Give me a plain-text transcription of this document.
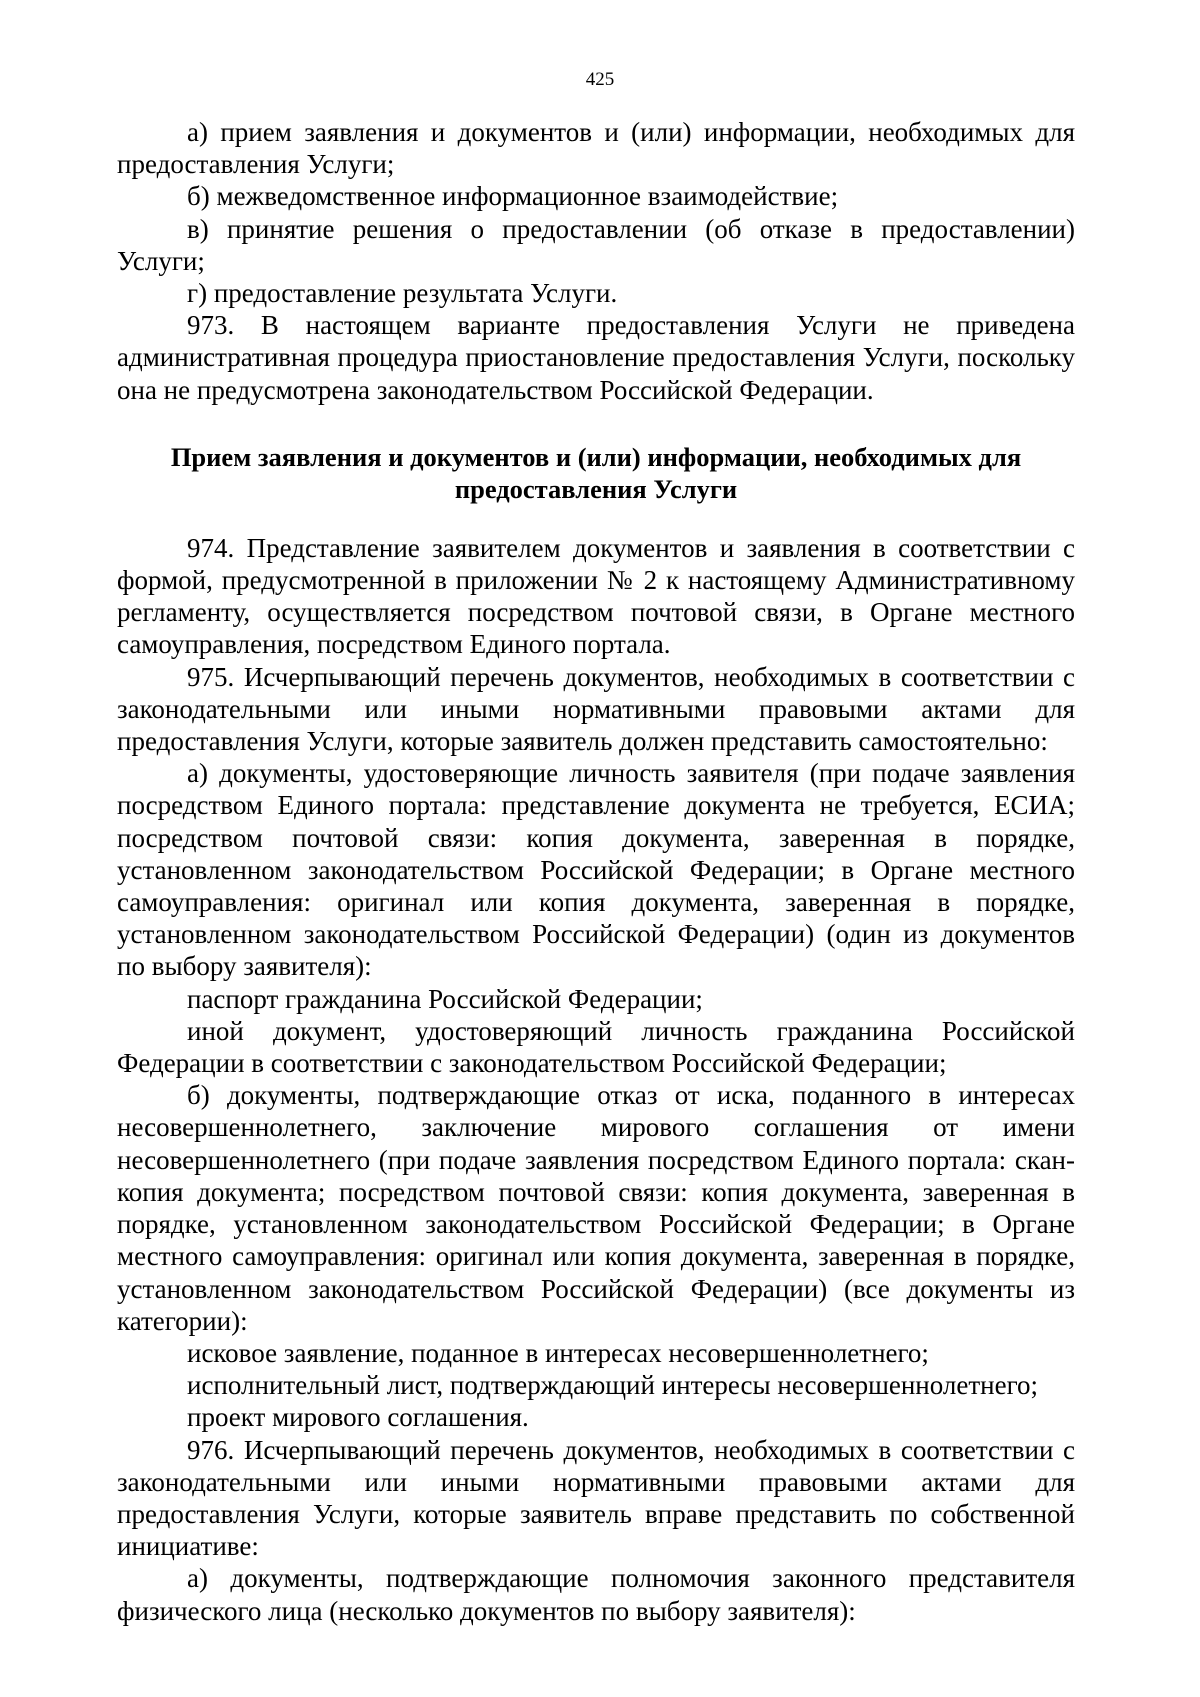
425

а) прием заявления и документов и (или) информации, необходимых для предоставления Услуги;

б) межведомственное информационное взаимодействие;

в) принятие решения о предоставлении (об отказе в предоставлении) Услуги;

г) предоставление результата Услуги.

973. В настоящем варианте предоставления Услуги не приведена административная процедура приостановление предоставления Услуги, поскольку она не предусмотрена законодательством Российской Федерации.

Прием заявления и документов и (или) информации, необходимых для
предоставления Услуги

974. Представление заявителем документов и заявления в соответствии с формой, предусмотренной в приложении № 2 к настоящему Административному регламенту, осуществляется посредством почтовой связи, в Органе местного самоуправления, посредством Единого портала.

975. Исчерпывающий перечень документов, необходимых в соответствии с законодательными или иными нормативными правовыми актами для предоставления Услуги, которые заявитель должен представить самостоятельно:

а) документы, удостоверяющие личность заявителя (при подаче заявления посредством Единого портала: представление документа не требуется, ЕСИА; посредством почтовой связи: копия документа, заверенная в порядке, установленном законодательством Российской Федерации; в Органе местного самоуправления: оригинал или копия документа, заверенная в порядке, установленном законодательством Российской Федерации) (один из документов по выбору заявителя):

паспорт гражданина Российской Федерации;

иной документ, удостоверяющий личность гражданина Российской Федерации в соответствии с законодательством Российской Федерации;

б) документы, подтверждающие отказ от иска, поданного в интересах несовершеннолетнего, заключение мирового соглашения от имени несовершеннолетнего (при подаче заявления посредством Единого портала: скан-копия документа; посредством почтовой связи: копия документа, заверенная в порядке, установленном законодательством Российской Федерации; в Органе местного самоуправления: оригинал или копия документа, заверенная в порядке, установленном законодательством Российской Федерации) (все документы из категории):

исковое заявление, поданное в интересах несовершеннолетнего;

исполнительный лист, подтверждающий интересы несовершеннолетнего;

проект мирового соглашения.

976. Исчерпывающий перечень документов, необходимых в соответствии с законодательными или иными нормативными правовыми актами для предоставления Услуги, которые заявитель вправе представить по собственной инициативе:

а) документы, подтверждающие полномочия законного представителя физического лица (несколько документов по выбору заявителя):
